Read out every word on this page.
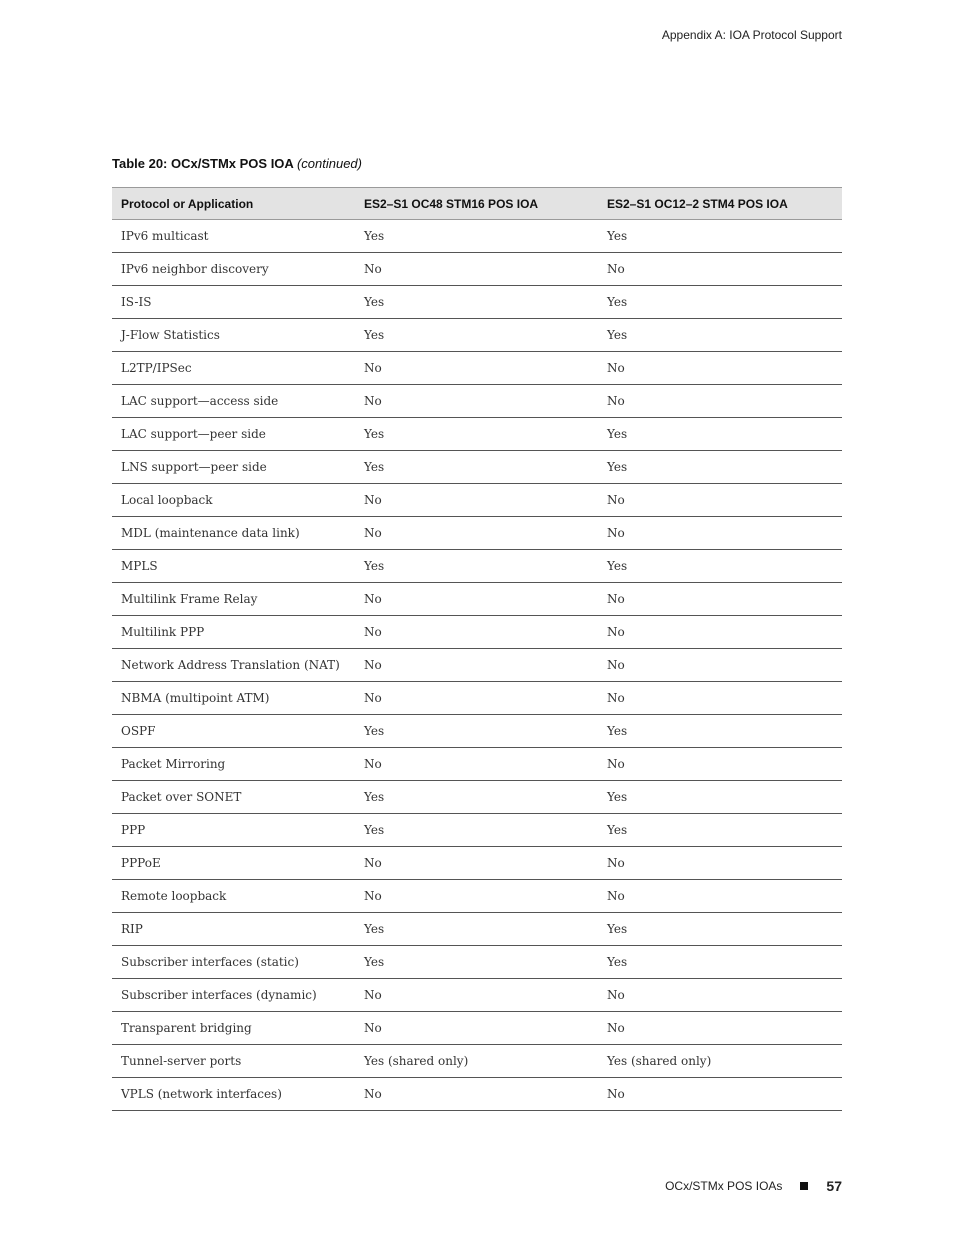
Appendix A: IOA Protocol Support
Table 20: OCx/STMx POS IOA (continued)
Protocol or Application	ES2–S1 OC48 STM16 POS IOA	ES2–S1 OC12–2 STM4 POS IOA
IPv6 multicast	Yes	Yes
IPv6 neighbor discovery	No	No
IS-IS	Yes	Yes
J-Flow Statistics	Yes	Yes
L2TP/IPSec	No	No
LAC support—access side	No	No
LAC support—peer side	Yes	Yes
LNS support—peer side	Yes	Yes
Local loopback	No	No
MDL (maintenance data link)	No	No
MPLS	Yes	Yes
Multilink Frame Relay	No	No
Multilink PPP	No	No
Network Address Translation (NAT)	No	No
NBMA (multipoint ATM)	No	No
OSPF	Yes	Yes
Packet Mirroring	No	No
Packet over SONET	Yes	Yes
PPP	Yes	Yes
PPPoE	No	No
Remote loopback	No	No
RIP	Yes	Yes
Subscriber interfaces (static)	Yes	Yes
Subscriber interfaces (dynamic)	No	No
Transparent bridging	No	No
Tunnel-server ports	Yes (shared only)	Yes (shared only)
VPLS (network interfaces)	No	No
OCx/STMx POS IOAs	57
